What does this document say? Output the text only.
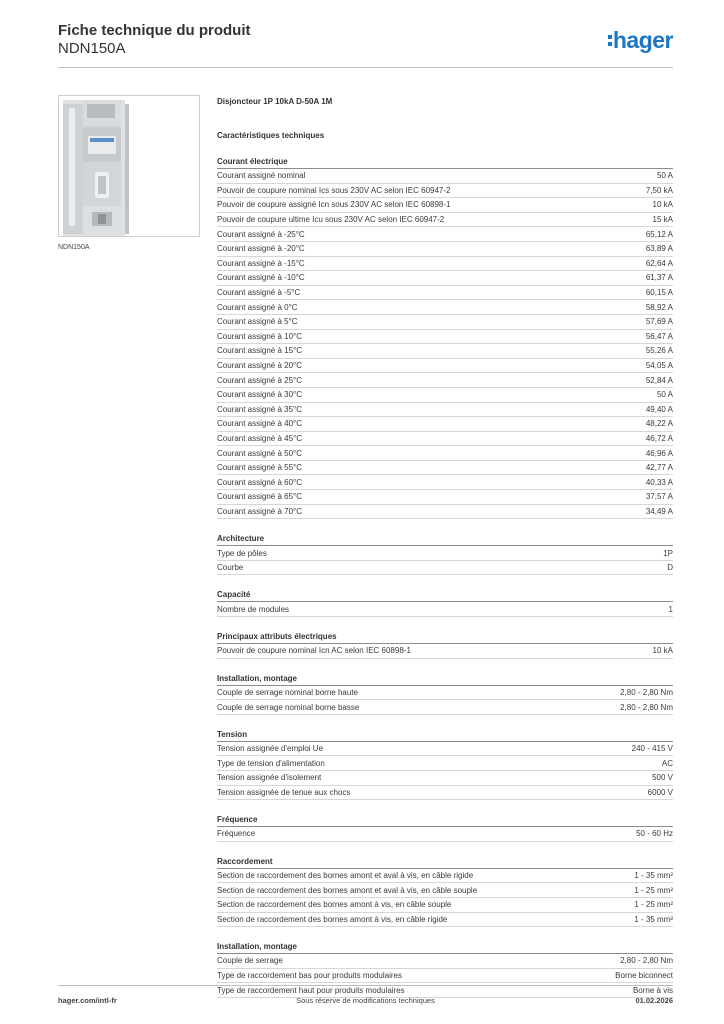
Fiche technique du produit
NDN150A	hager
NDN150A
Disjoncteur 1P 10kA D-50A 1M
Caractéristiques techniques
Courant électrique
Courant assigné nominal	50 A
Pouvoir de coupure nominal Ics sous 230V AC selon IEC 60947-2	7,50 kA
Pouvoir de coupure assigné Icn sous 230V AC selon IEC 60898-1	10 kA
Pouvoir de coupure ultime Icu sous 230V AC selon IEC 60947-2	15 kA
Courant assigné à -25°C	65,12 A
Courant assigné à -20°C	63,89 A
Courant assigné à -15°C	62,64 A
Courant assigné à -10°C	61,37 A
Courant assigné à -5°C	60,15 A
Courant assigné à 0°C	58,92 A
Courant assigné à 5°C	57,69 A
Courant assigné à 10°C	56,47 A
Courant assigné à 15°C	55,26 A
Courant assigné à 20°C	54,05 A
Courant assigné à 25°C	52,84 A
Courant assigné à 30°C	50 A
Courant assigné à 35°C	49,40 A
Courant assigné à 40°C	48,22 A
Courant assigné à 45°C	46,72 A
Courant assigné à 50°C	46,96 A
Courant assigné à 55°C	42,77 A
Courant assigné à 60°C	40,33 A
Courant assigné à 65°C	37,57 A
Courant assigné à 70°C	34,49 A
Architecture
Type de pôles	1P
Courbe	D
Capacité
Nombre de modules	1
Principaux attributs électriques
Pouvoir de coupure nominal Icn AC selon IEC 60898-1	10 kA
Installation, montage
Couple de serrage nominal borne haute	2,80 - 2,80 Nm
Couple de serrage nominal borne basse	2,80 - 2,80 Nm
Tension
Tension assignée d'emploi Ue	240 - 415 V
Type de tension d'alimentation	AC
Tension assignée d'isolement	500 V
Tension assignée de tenue aux chocs	6000 V
Fréquence
Fréquence	50 - 60 Hz
Raccordement
Section de raccordement des bornes amont et aval à vis, en câble rigide	1 - 35 mm²
Section de raccordement des bornes amont et aval à vis, en câble souple	1 - 25 mm²
Section de raccordement des bornes amont à vis, en câble souple	1 - 25 mm²
Section de raccordement des bornes amont à vis, en câble rigide	1 - 35 mm²
Installation, montage
Couple de serrage	2,80 - 2,80 Nm
Type de raccordement bas pour produits modulaires	Borne biconnect
Type de raccordement haut pour produits modulaires	Borne à vis
hager.com/intl-fr	Sous réserve de modifications techniques	01.02.2026
